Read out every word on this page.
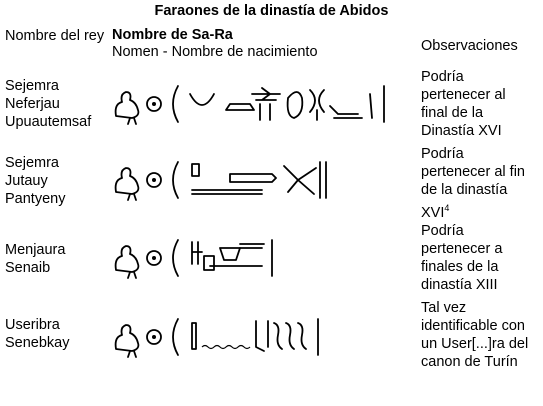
Faraones de la dinastía de Abidos
Nombre del rey Nombre de Sa-Ra
Nomen - Nombre de nacimiento	Observaciones
Sejemra
Neferjau
Upuautemsaf
Podría
pertenecer al
final de la
Dinastía XVI
Sejemra
Jutauy
Pantyeny
Podría
pertenecer al fin
de la dinastía
XVI$^4$
Menjaura
Senaib
Podría
pertenecer a
finales de la
dinastía XIII
Useribra
Senebkay
Tal vez
identificable con
un User[...]ra del
canon de Turín
